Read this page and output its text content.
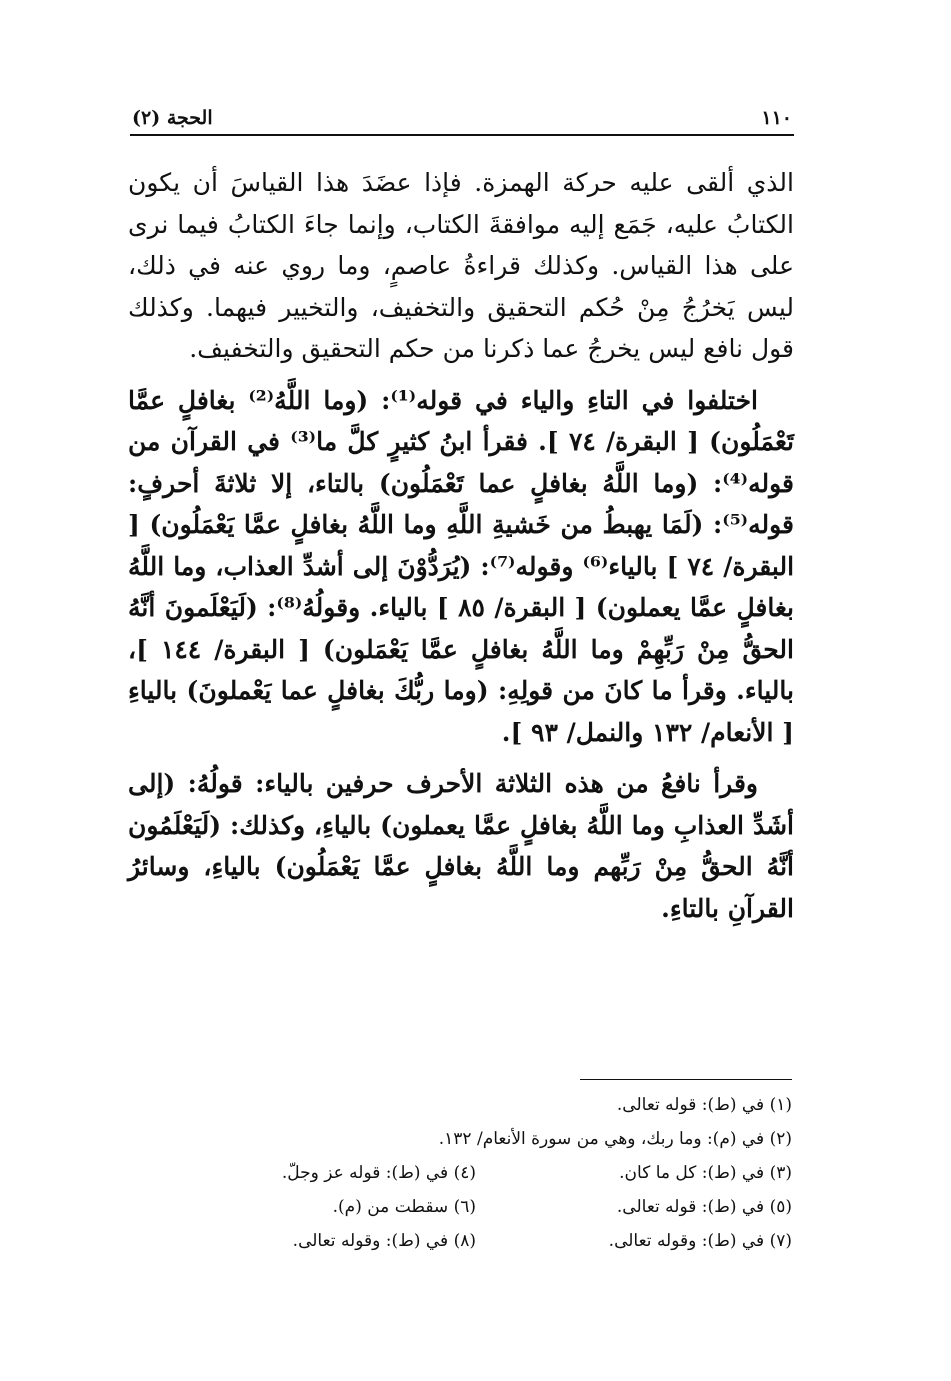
١١٠
الحجة (٢)

الذي ألقى عليه حركة الهمزة. فإذا عضَدَ هذا القياسَ أن يكون الكتابُ عليه، جَمَع إليه موافقةَ الكتاب، وإنما جاءَ الكتابُ فيما نرى على هذا القياس. وكذلك قراءةُ عاصمٍ، وما روي عنه في ذلك، ليس يَخرُجُ مِنْ حُكم التحقيق والتخفيف، والتخيير فيهما. وكذلك قول نافع ليس يخرجُ عما ذكرنا من حكم التحقيق والتخفيف.

اختلفوا في التاءِ والياء في قوله⁽¹⁾: (وما اللَّهُ⁽²⁾ بغافلٍ عمَّا تَعْمَلُون) [ البقرة/ ٧٤ ]. فقرأ ابنُ كثيرٍ كلَّ ما⁽³⁾ في القرآن من قوله⁽⁴⁾: (وما اللَّهُ بغافلٍ عما تَعْمَلُون) بالتاء، إلا ثلاثةَ أحرفٍ: قوله⁽⁵⁾: (لَمَا يهبطُ من خَشيةِ اللَّهِ وما اللَّهُ بغافلٍ عمَّا يَعْمَلُون) [ البقرة/ ٧٤ ] بالياء⁽⁶⁾ وقوله⁽⁷⁾: (يُرَدُّوْنَ إلى أشدِّ العذاب، وما اللَّهُ بغافلٍ عمَّا يعملون) [ البقرة/ ٨٥ ] بالياء. وقولُهُ⁽⁸⁾: (لَيَعْلَمونَ أنَّهُ الحقُّ مِنْ رَبِّهِمْ وما اللَّهُ بغافلٍ عمَّا يَعْمَلون) [ البقرة/ ١٤٤ ]، بالياء. وقرأ ما كانَ من قولِهِ: (وما ربُّكَ بغافلٍ عما يَعْملونَ) بالياءِ [ الأنعام/ ١٣٢ والنمل/ ٩٣ ].

وقرأ نافعُ من هذه الثلاثة الأحرف حرفين بالياء: قولُهُ: (إلى أشَدِّ العذابِ وما اللَّهُ بغافلٍ عمَّا يعملون) بالياءِ، وكذلك: (لَيَعْلَمُون أنَّهُ الحقُّ مِنْ رَبِّهم وما اللَّهُ بغافلٍ عمَّا يَعْمَلُون) بالياءِ، وسائرُ القرآنِ بالتاءِ.

(١) في (ط): قوله تعالى.
(٢) في (م): وما ربك، وهي من سورة الأنعام/ ١٣٢.
(٣) في (ط): كل ما كان.
(٤) في (ط): قوله عز وجلّ.
(٥) في (ط): قوله تعالى.
(٦) سقطت من (م).
(٧) في (ط): وقوله تعالى.
(٨) في (ط): وقوله تعالى.
